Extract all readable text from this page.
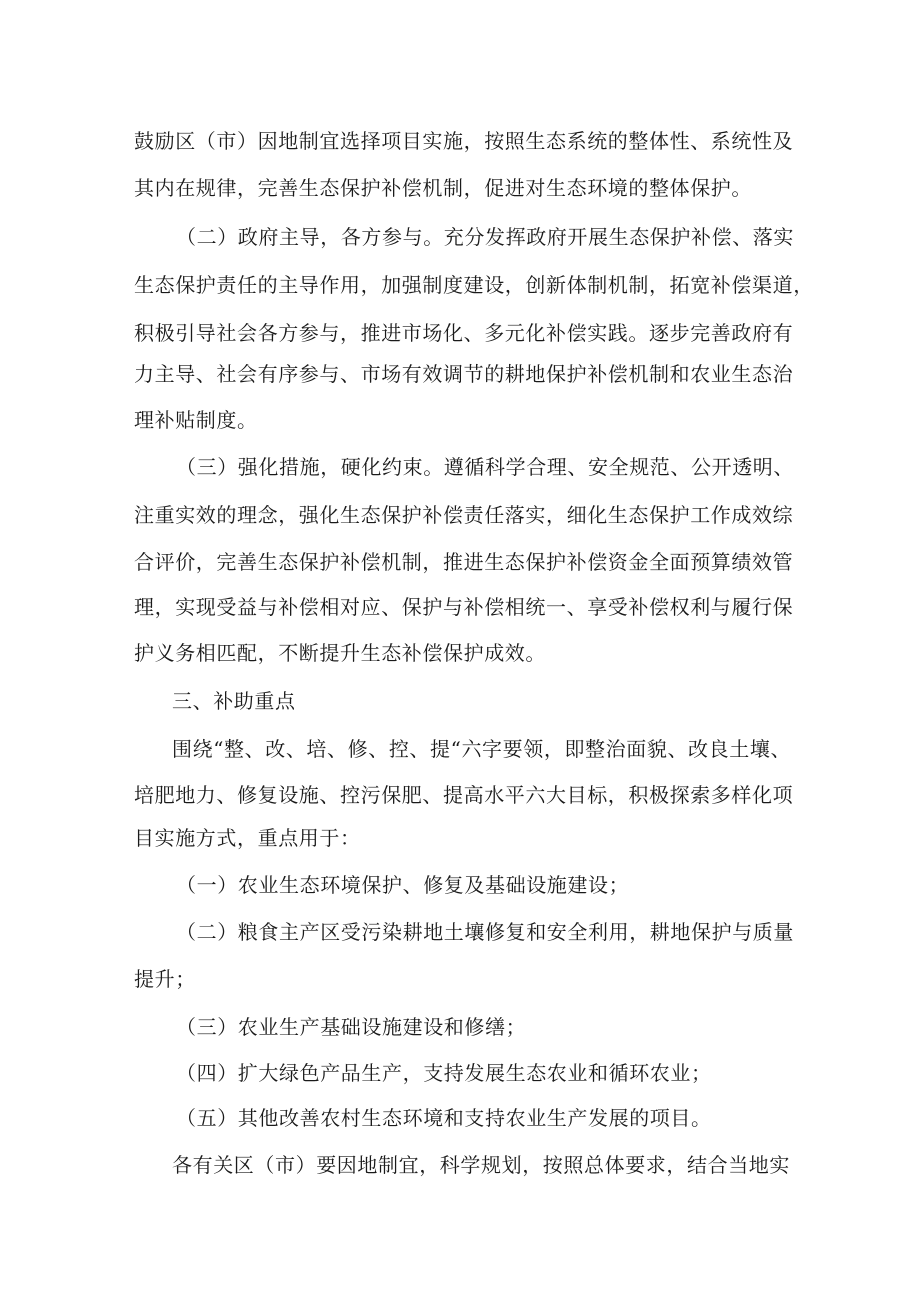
鼓励区（市）因地制宜选择项目实施，按照生态系统的整体性、系统性及
其内在规律，完善生态保护补偿机制，促进对生态环境的整体保护。
（二）政府主导，各方参与。充分发挥政府开展生态保护补偿、落实
生态保护责任的主导作用，加强制度建设，创新体制机制，拓宽补偿渠道，
积极引导社会各方参与，推进市场化、多元化补偿实践。逐步完善政府有
力主导、社会有序参与、市场有效调节的耕地保护补偿机制和农业生态治
理补贴制度。
（三）强化措施，硬化约束。遵循科学合理、安全规范、公开透明、
注重实效的理念，强化生态保护补偿责任落实，细化生态保护工作成效综
合评价，完善生态保护补偿机制，推进生态保护补偿资金全面预算绩效管
理，实现受益与补偿相对应、保护与补偿相统一、享受补偿权利与履行保
护义务相匹配，不断提升生态补偿保护成效。
三、补助重点
围绕“整、改、培、修、控、提“六字要领，即整治面貌、改良土壤、
培肥地力、修复设施、控污保肥、提高水平六大目标，积极探索多样化项
目实施方式，重点用于：
（一）农业生态环境保护、修复及基础设施建设；
（二）粮食主产区受污染耕地土壤修复和安全利用，耕地保护与质量
提升；
（三）农业生产基础设施建设和修缮；
（四）扩大绿色产品生产，支持发展生态农业和循环农业；
（五）其他改善农村生态环境和支持农业生产发展的项目。
各有关区（市）要因地制宜，科学规划，按照总体要求，结合当地实
